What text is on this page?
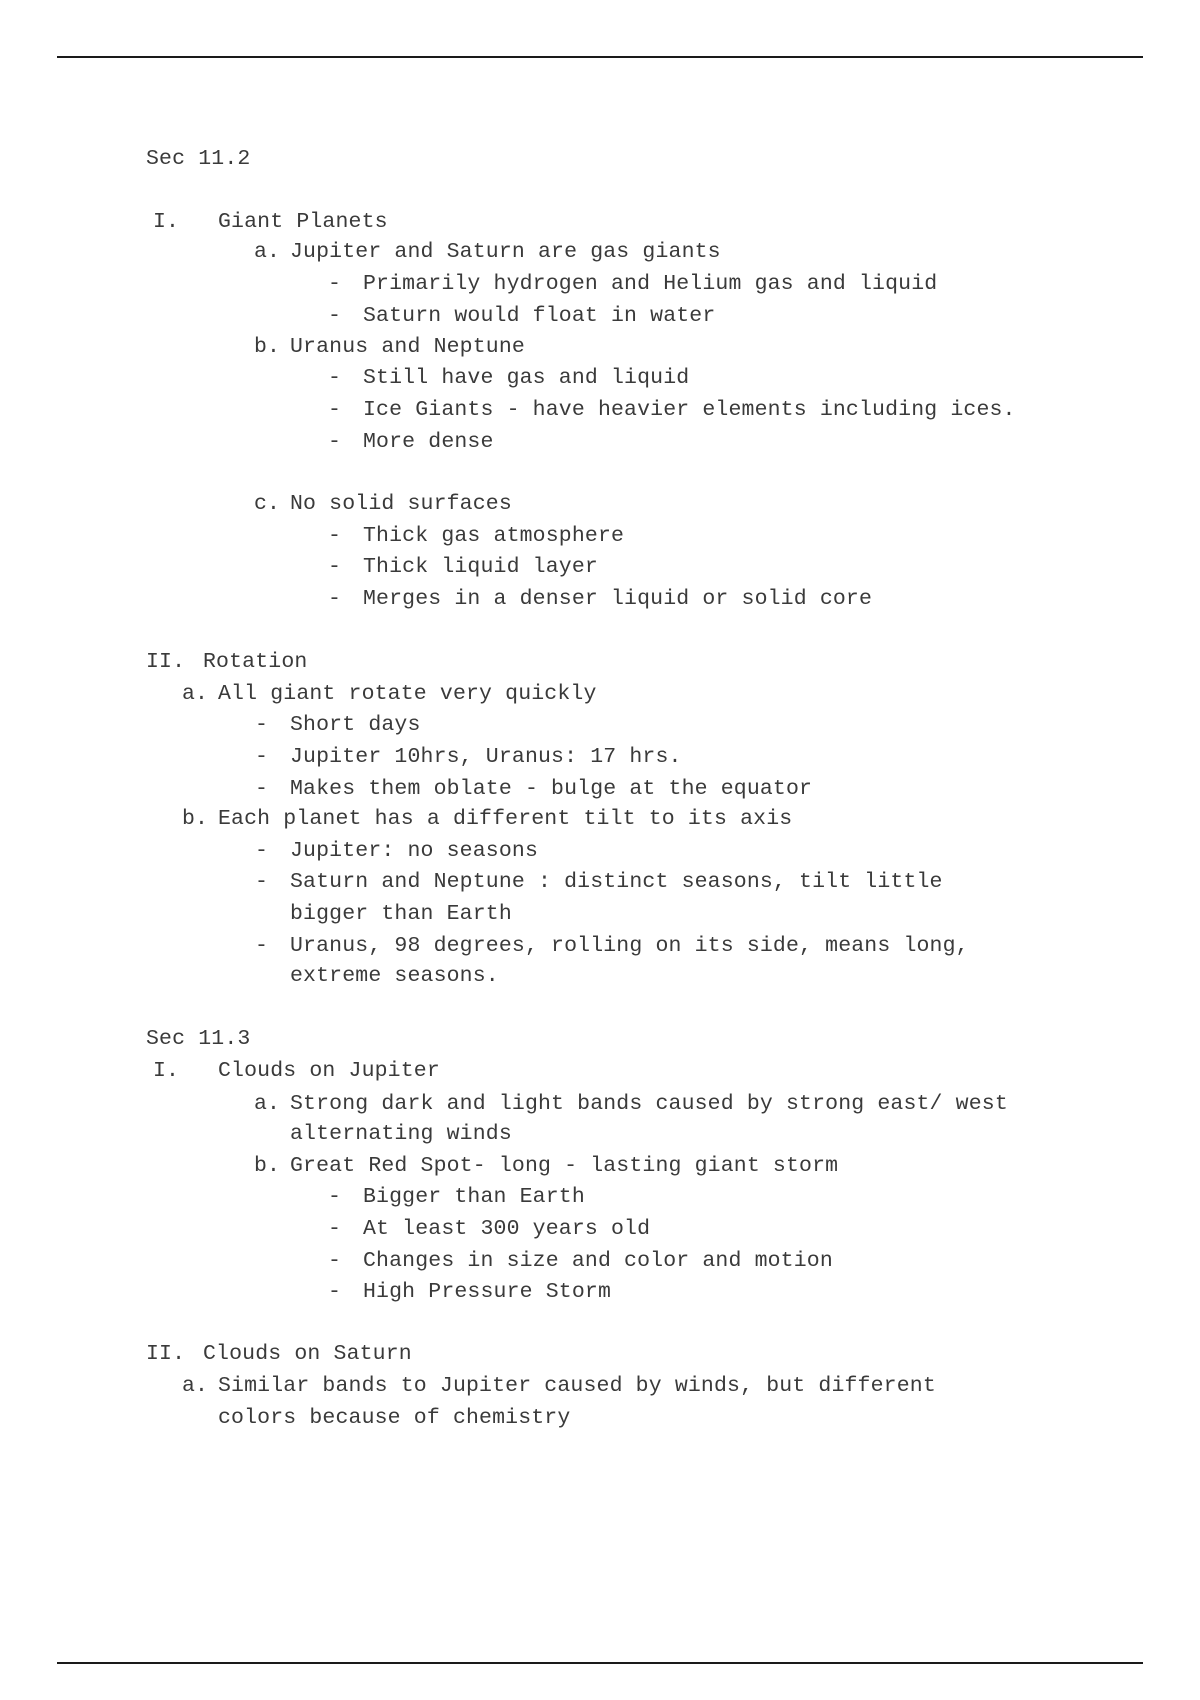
Sec 11.2
I. Giant Planets
a. Jupiter and Saturn are gas giants
- Primarily hydrogen and Helium gas and liquid
- Saturn would float in water
b. Uranus and Neptune
- Still have gas and liquid
- Ice Giants - have heavier elements including ices.
- More dense
c. No solid surfaces
- Thick gas atmosphere
- Thick liquid layer
- Merges in a denser liquid or solid core
II. Rotation
a. All giant rotate very quickly
- Short days
- Jupiter 10hrs, Uranus: 17 hrs.
- Makes them oblate - bulge at the equator
b. Each planet has a different tilt to its axis
- Jupiter: no seasons
- Saturn and Neptune : distinct seasons, tilt little
bigger than Earth
- Uranus, 98 degrees, rolling on its side, means long,
extreme seasons.
Sec 11.3
I. Clouds on Jupiter
a. Strong dark and light bands caused by strong east/ west
alternating winds
b. Great Red Spot- long - lasting giant storm
- Bigger than Earth
- At least 300 years old
- Changes in size and color and motion
- High Pressure Storm
II. Clouds on Saturn
a. Similar bands to Jupiter caused by winds, but different
colors because of chemistry
